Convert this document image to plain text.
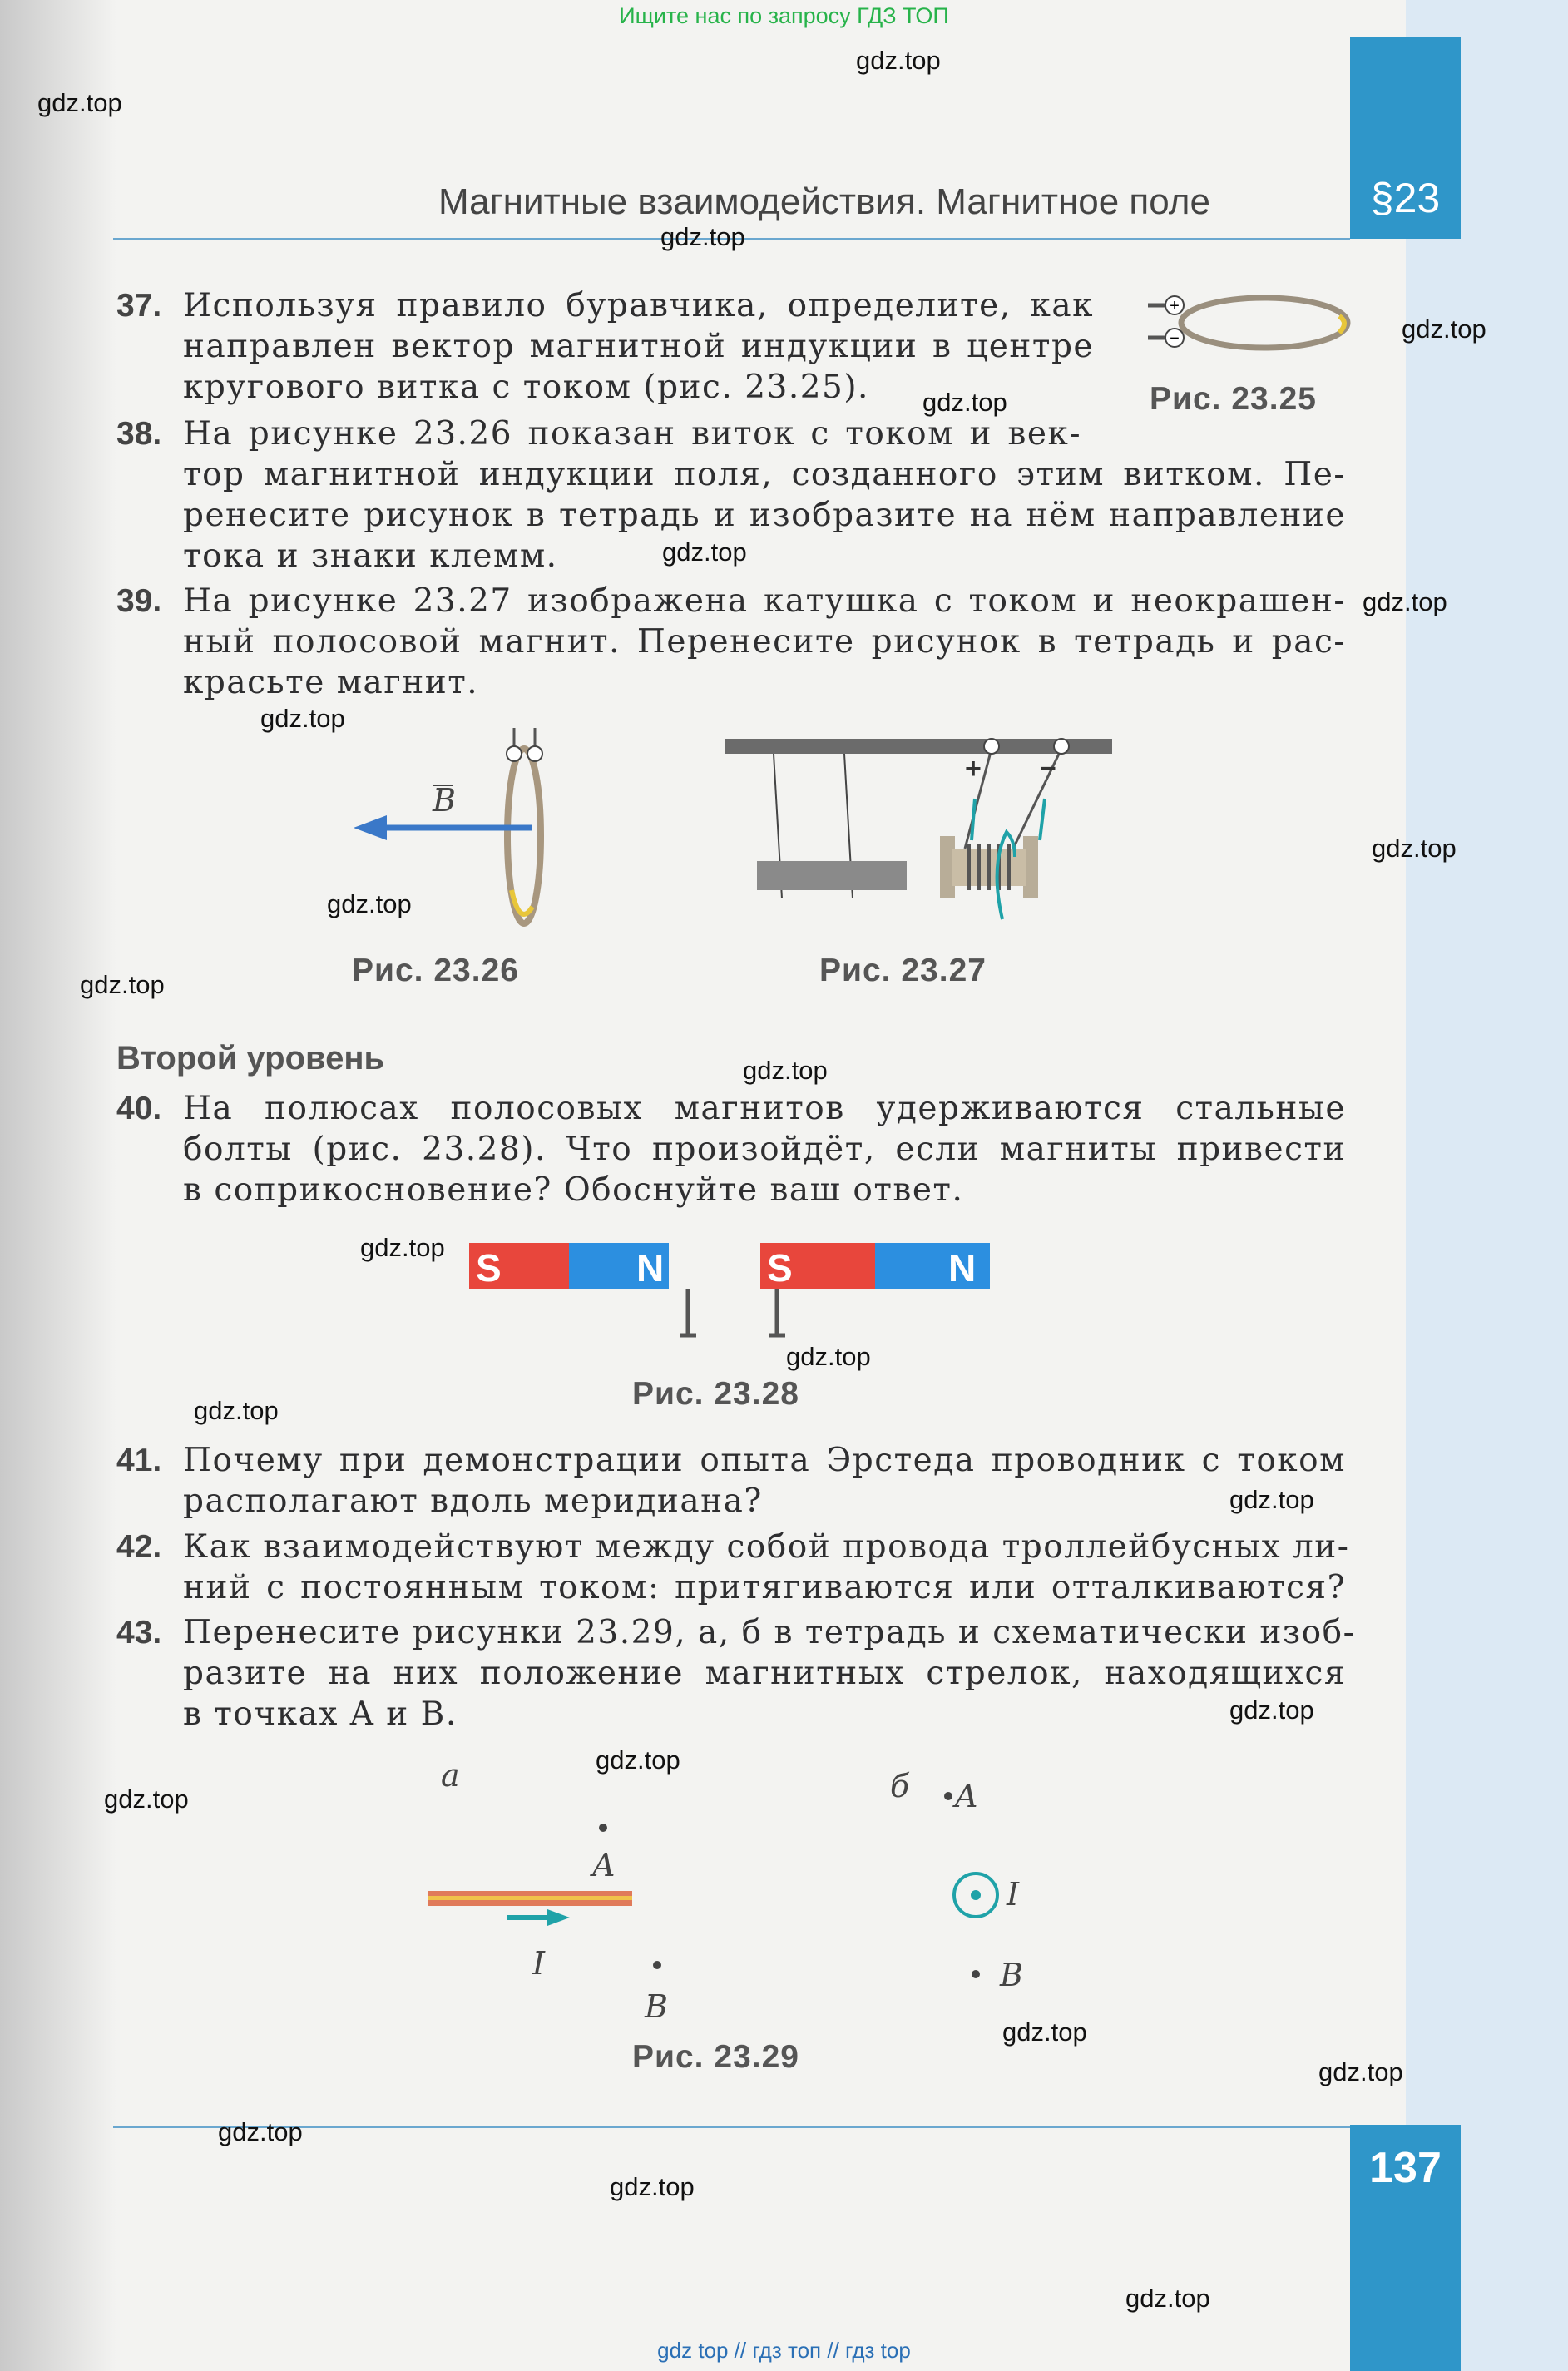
Ищите нас по запросу ГДЗ ТОП
§23
Магнитные взаимодействия. Магнитное поле
37. Используя правило буравчика, определите, как
направлен вектор магнитной индукции в центре
кругового витка с током (рис. 23.25).
38. На рисунке 23.26 показан виток с током и век-
тор магнитной индукции поля, созданного этим витком. Пе-
ренесите рисунок в тетрадь и изобразите на нём направление
тока и знаки клемм.
39. На рисунке 23.27 изображена катушка с током и неокрашен-
ный полосовой магнит. Перенесите рисунок в тетрадь и рас-
красьте магнит.
Второй уровень
40. На полюсах полосовых магнитов удерживаются стальные
болты (рис. 23.28). Что произойдёт, если магниты привести
в соприкосновение? Обоснуйте ваш ответ.
41. Почему при демонстрации опыта Эрстеда проводник с током
располагают вдоль меридиана?
42. Как взаимодействуют между собой провода троллейбусных ли-
ний с постоянным током: притягиваются или отталкиваются?
43. Перенесите рисунки 23.29, а, б в тетрадь и схематически изоб-
разите на них положение магнитных стрелок, находящихся
в точках A и B.
+
−
Рис. 23.25
B
Рис. 23.26
+ −
Рис. 23.27
S	N	S	N
Рис. 23.28
а
A
I
B
б A
I
B
Рис. 23.29
137
gdz.top
gdz.top
gdz.top
gdz.top
gdz.top
gdz.top
gdz.top
gdz.top
gdz.top
gdz.top
gdz.top
gdz.top
gdz.top
gdz.top
gdz.top
gdz.top
gdz.top
gdz.top
gdz.top
gdz.top
gdz.top
gdz.top
gdz.top
gdz.top
gdz top // гдз топ // гдз top
